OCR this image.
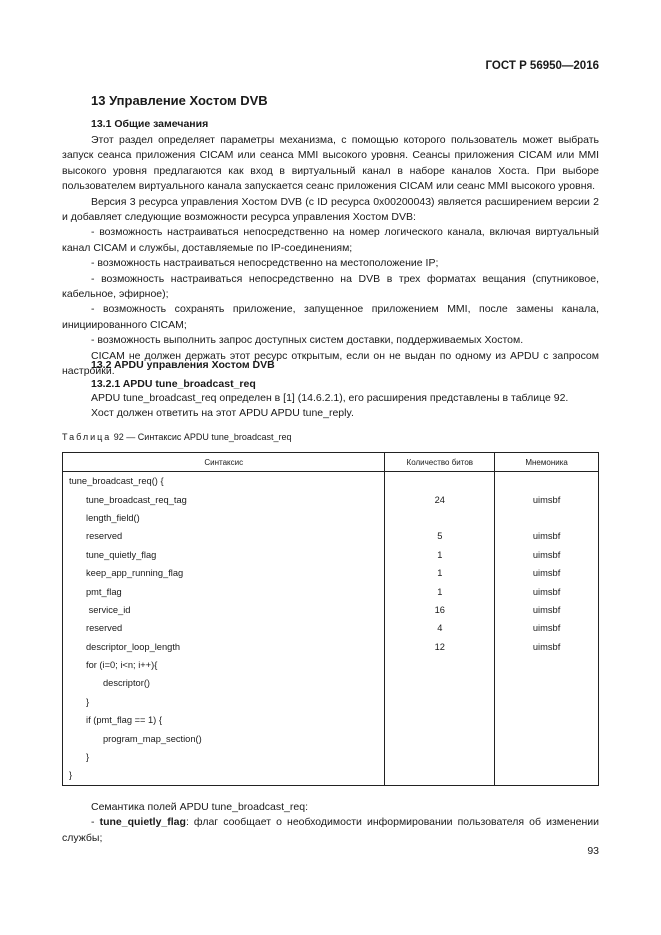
ГОСТ Р 56950—2016
13 Управление Хостом DVB
13.1 Общие замечания

Этот раздел определяет параметры механизма, с помощью которого пользователь может выбрать запуск сеанса приложения CICAM или сеанса MMI высокого уровня. Сеансы приложения CICAM или MMI высокого уровня предлагаются как вход в виртуальный канал в наборе каналов Хоста. При выборе пользователем виртуального канала запускается сеанс приложения CICAM или сеанс MMI высокого уровня.

Версия 3 ресурса управления Хостом DVB (с ID ресурса 0x00200043) является расширением версии 2 и добавляет следующие возможности ресурса управления Хостом DVB:

- возможность настраиваться непосредственно на номер логического канала, включая виртуальный канал CICAM и службы, доставляемые по IP-соединениям;

- возможность настраиваться непосредственно на местоположение IP;

- возможность настраиваться непосредственно на DVB в трех форматах вещания (спутниковое, кабельное, эфирное);

- возможность сохранять приложение, запущенное приложением MMI, после замены канала, инициированного CICAM;

- возможность выполнить запрос доступных систем доставки, поддерживаемых Хостом.

CICAM не должен держать этот ресурс открытым, если он не выдан по одному из APDU с запросом настройки.

13.2 APDU управления Хостом DVB
13.2.1 APDU tune_broadcast_req

APDU tune_broadcast_req определен в [1] (14.6.2.1), его расширения представлены в таблице 92.

Хост должен ответить на этот APDU APDU tune_reply.

Таблица 92 — Синтаксис APDU tune_broadcast_req
Синтаксис	Количество битов	Мнемоника
tune_broadcast_req() {		
tune_broadcast_req_tag	24	uimsbf
length_field()		
reserved	5	uimsbf
tune_quietly_flag	1	uimsbf
keep_app_running_flag	1	uimsbf
pmt_flag	1	uimsbf
service_id	16	uimsbf
reserved	4	uimsbf
descriptor_loop_length	12	uimsbf
for (i=0; i<n; i++){		
descriptor()		
}		
if (pmt_flag == 1) {		
program_map_section()		
}		
}		

Семантика полей APDU tune_broadcast_req:

- tune_quietly_flag: флаг сообщает о необходимости информировании пользователя об изменении службы;

93
